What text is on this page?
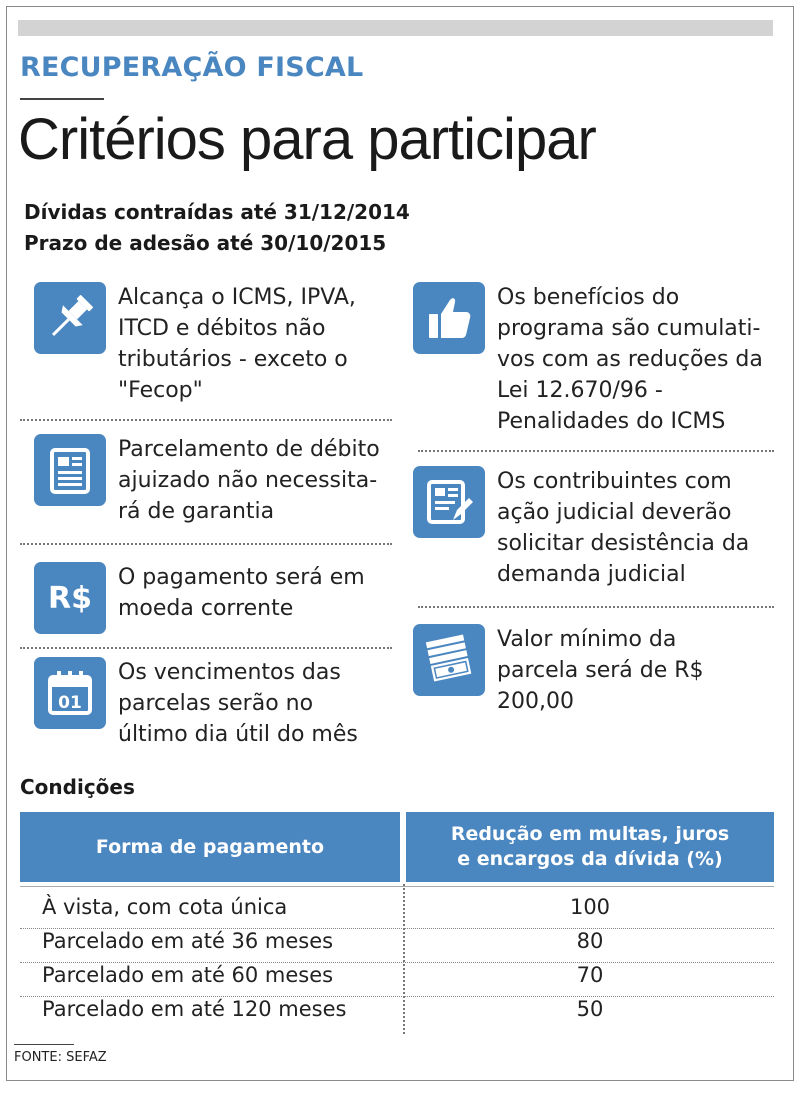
RECUPERAÇÃO FISCAL
Critérios para participar
Dívidas contraídas até 31/12/2014
Prazo de adesão até 30/10/2015
Alcança o ICMS, IPVA,
ITCD e débitos não
tributários - exceto o
"Fecop"
Parcelamento de débito
ajuizado não necessita-
rá de garantia
R$
O pagamento será em
moeda corrente
01
Os vencimentos das
parcelas serão no
último dia útil do mês
Os benefícios do
programa são cumulati-
vos com as reduções da
Lei 12.670/96 -
Penalidades do ICMS
Os contribuintes com
ação judicial deverão
solicitar desistência da
demanda judicial
Valor mínimo da
parcela será de R$
200,00
Condições
Forma de pagamento
Redução em multas, juros
e encargos da dívida (%)
À vista, com cota única	100
Parcelado em até 36 meses	80
Parcelado em até 60 meses	70
Parcelado em até 120 meses	50
FONTE: SEFAZ
